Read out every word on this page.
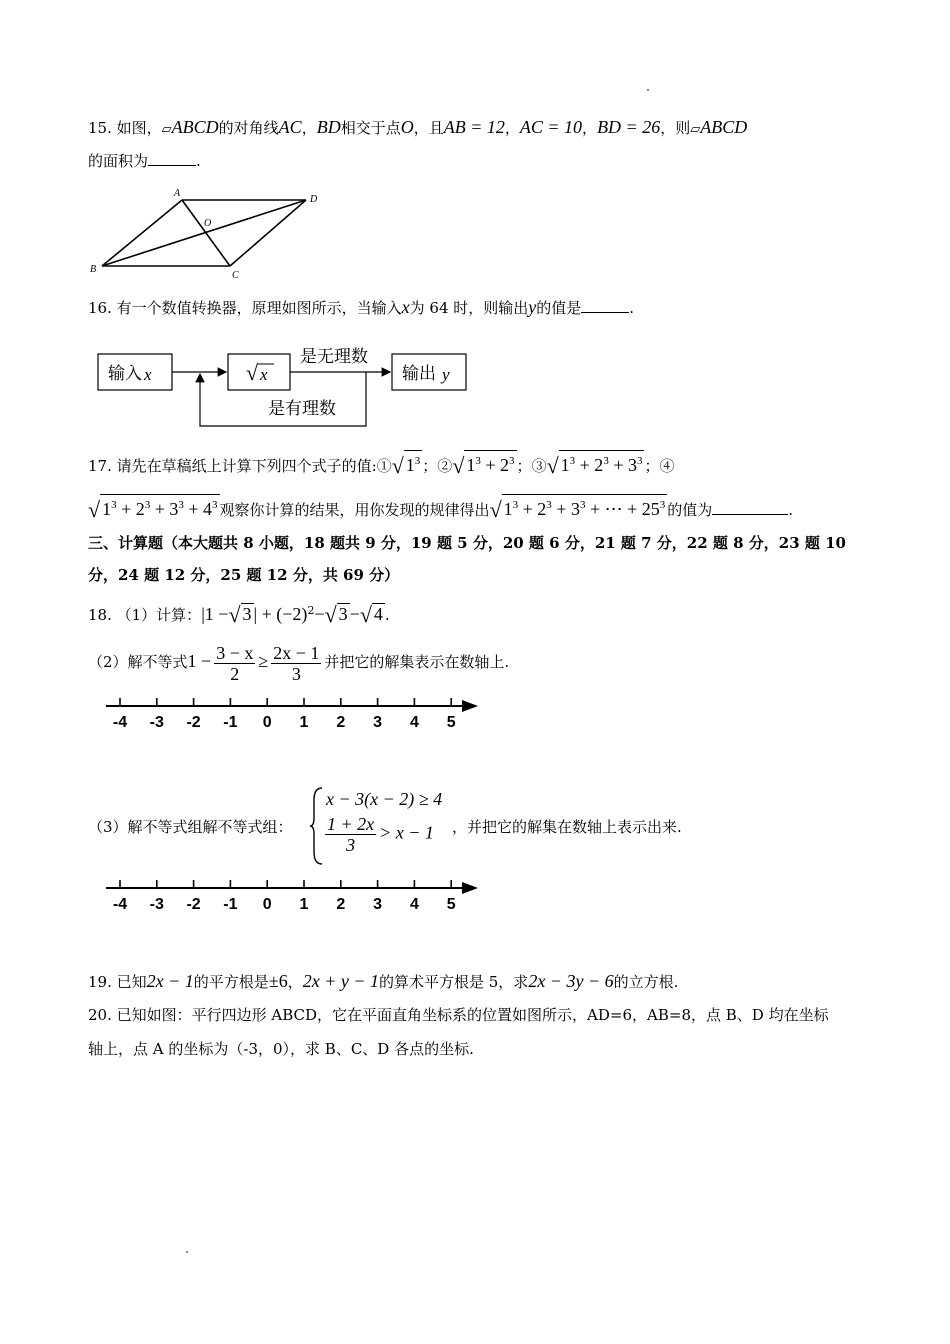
15. 如图，▱ABCD的对角线AC，BD相交于点O，且AB = 12，AC = 10，BD = 26，则▱ABCD
的面积为	.
A
D
B
C
O
16. 有一个数值转换器，原理如图所示，当输入x为 64 时，则输出y的值是	.
输入 x	√ x
是无理数
输出 y
是有理数
17. 请先在草稿纸上计算下列四个式子的值:①√ $1^3$ ；②√ $1^3 + 2^3$ ；③√ $1^3 + 2^3 + 3^3$ ；④
√ $1^3 + 2^3 + 3^3 + 4^3$ 观察你计算的结果，用你发现的规律得出√ $1^3 + 2^3 + 3^3$ + ⋯ + $25^3$ 的值为	.
三、计算题（本大题共 8 小题，18 题共 9 分，19 题 5 分，20 题 6 分，21 题 7 分，22 题 8 分，23 题 10
分，24 题 12 分，25 题 12 分，共 69 分）
18. （1）计算：|1 −√ 3 | + $(-2)^2-√$ 3 −√ 4 .
（2）解不等式$1 - \frac{3 - x}{2} \ge \frac{2x - 1}{3}$ 并把它的解集表示在数轴上.
-4 -3 -2 -1 0 1 2 3 4 5
（3）解不等式组解不等式组：
x − 3(x − 2) ≥ 4
$\frac{1 + 2x}{3} > x - 1$ ，并把它的解集在数轴上表示出来.
-4 -3 -2 -1 0 1 2 3 4 5
19. 已知2x − 1的平方根是±6，2x + y − 1的算术平方根是 5，求2x − 3y − 6的立方根.
20. 已知如图：平行四边形 ABCD，它在平面直角坐标系的位置如图所示，AD=6，AB=8，点 B、D 均在坐标
轴上，点 A 的坐标为（-3，0），求 B、C、D 各点的坐标.
